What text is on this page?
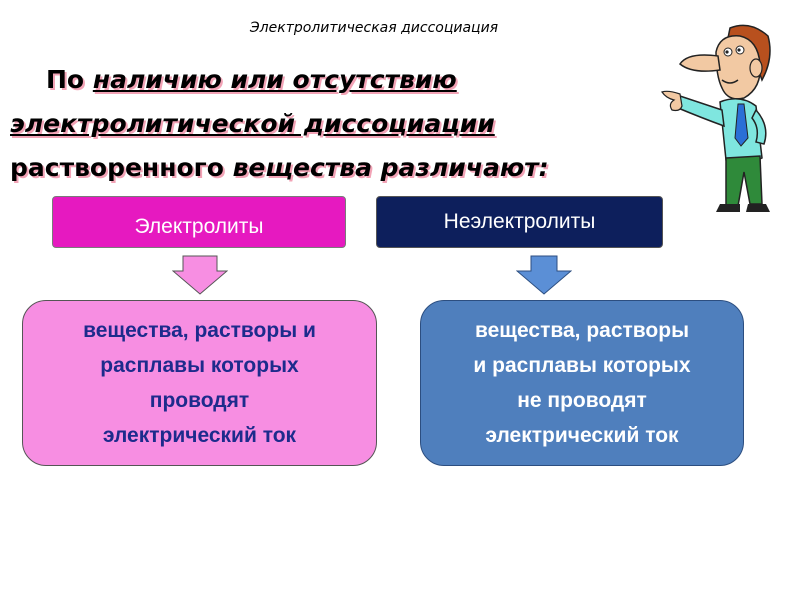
Электролитическая диссоциация
По наличию или отсутствию электролитической диссоциации растворенного вещества различают:
Электролиты	Неэлектролиты
вещества, растворы и
расплавы которых
проводят
электрический ток
вещества, растворы
и расплавы которых
не проводят
электрический ток
